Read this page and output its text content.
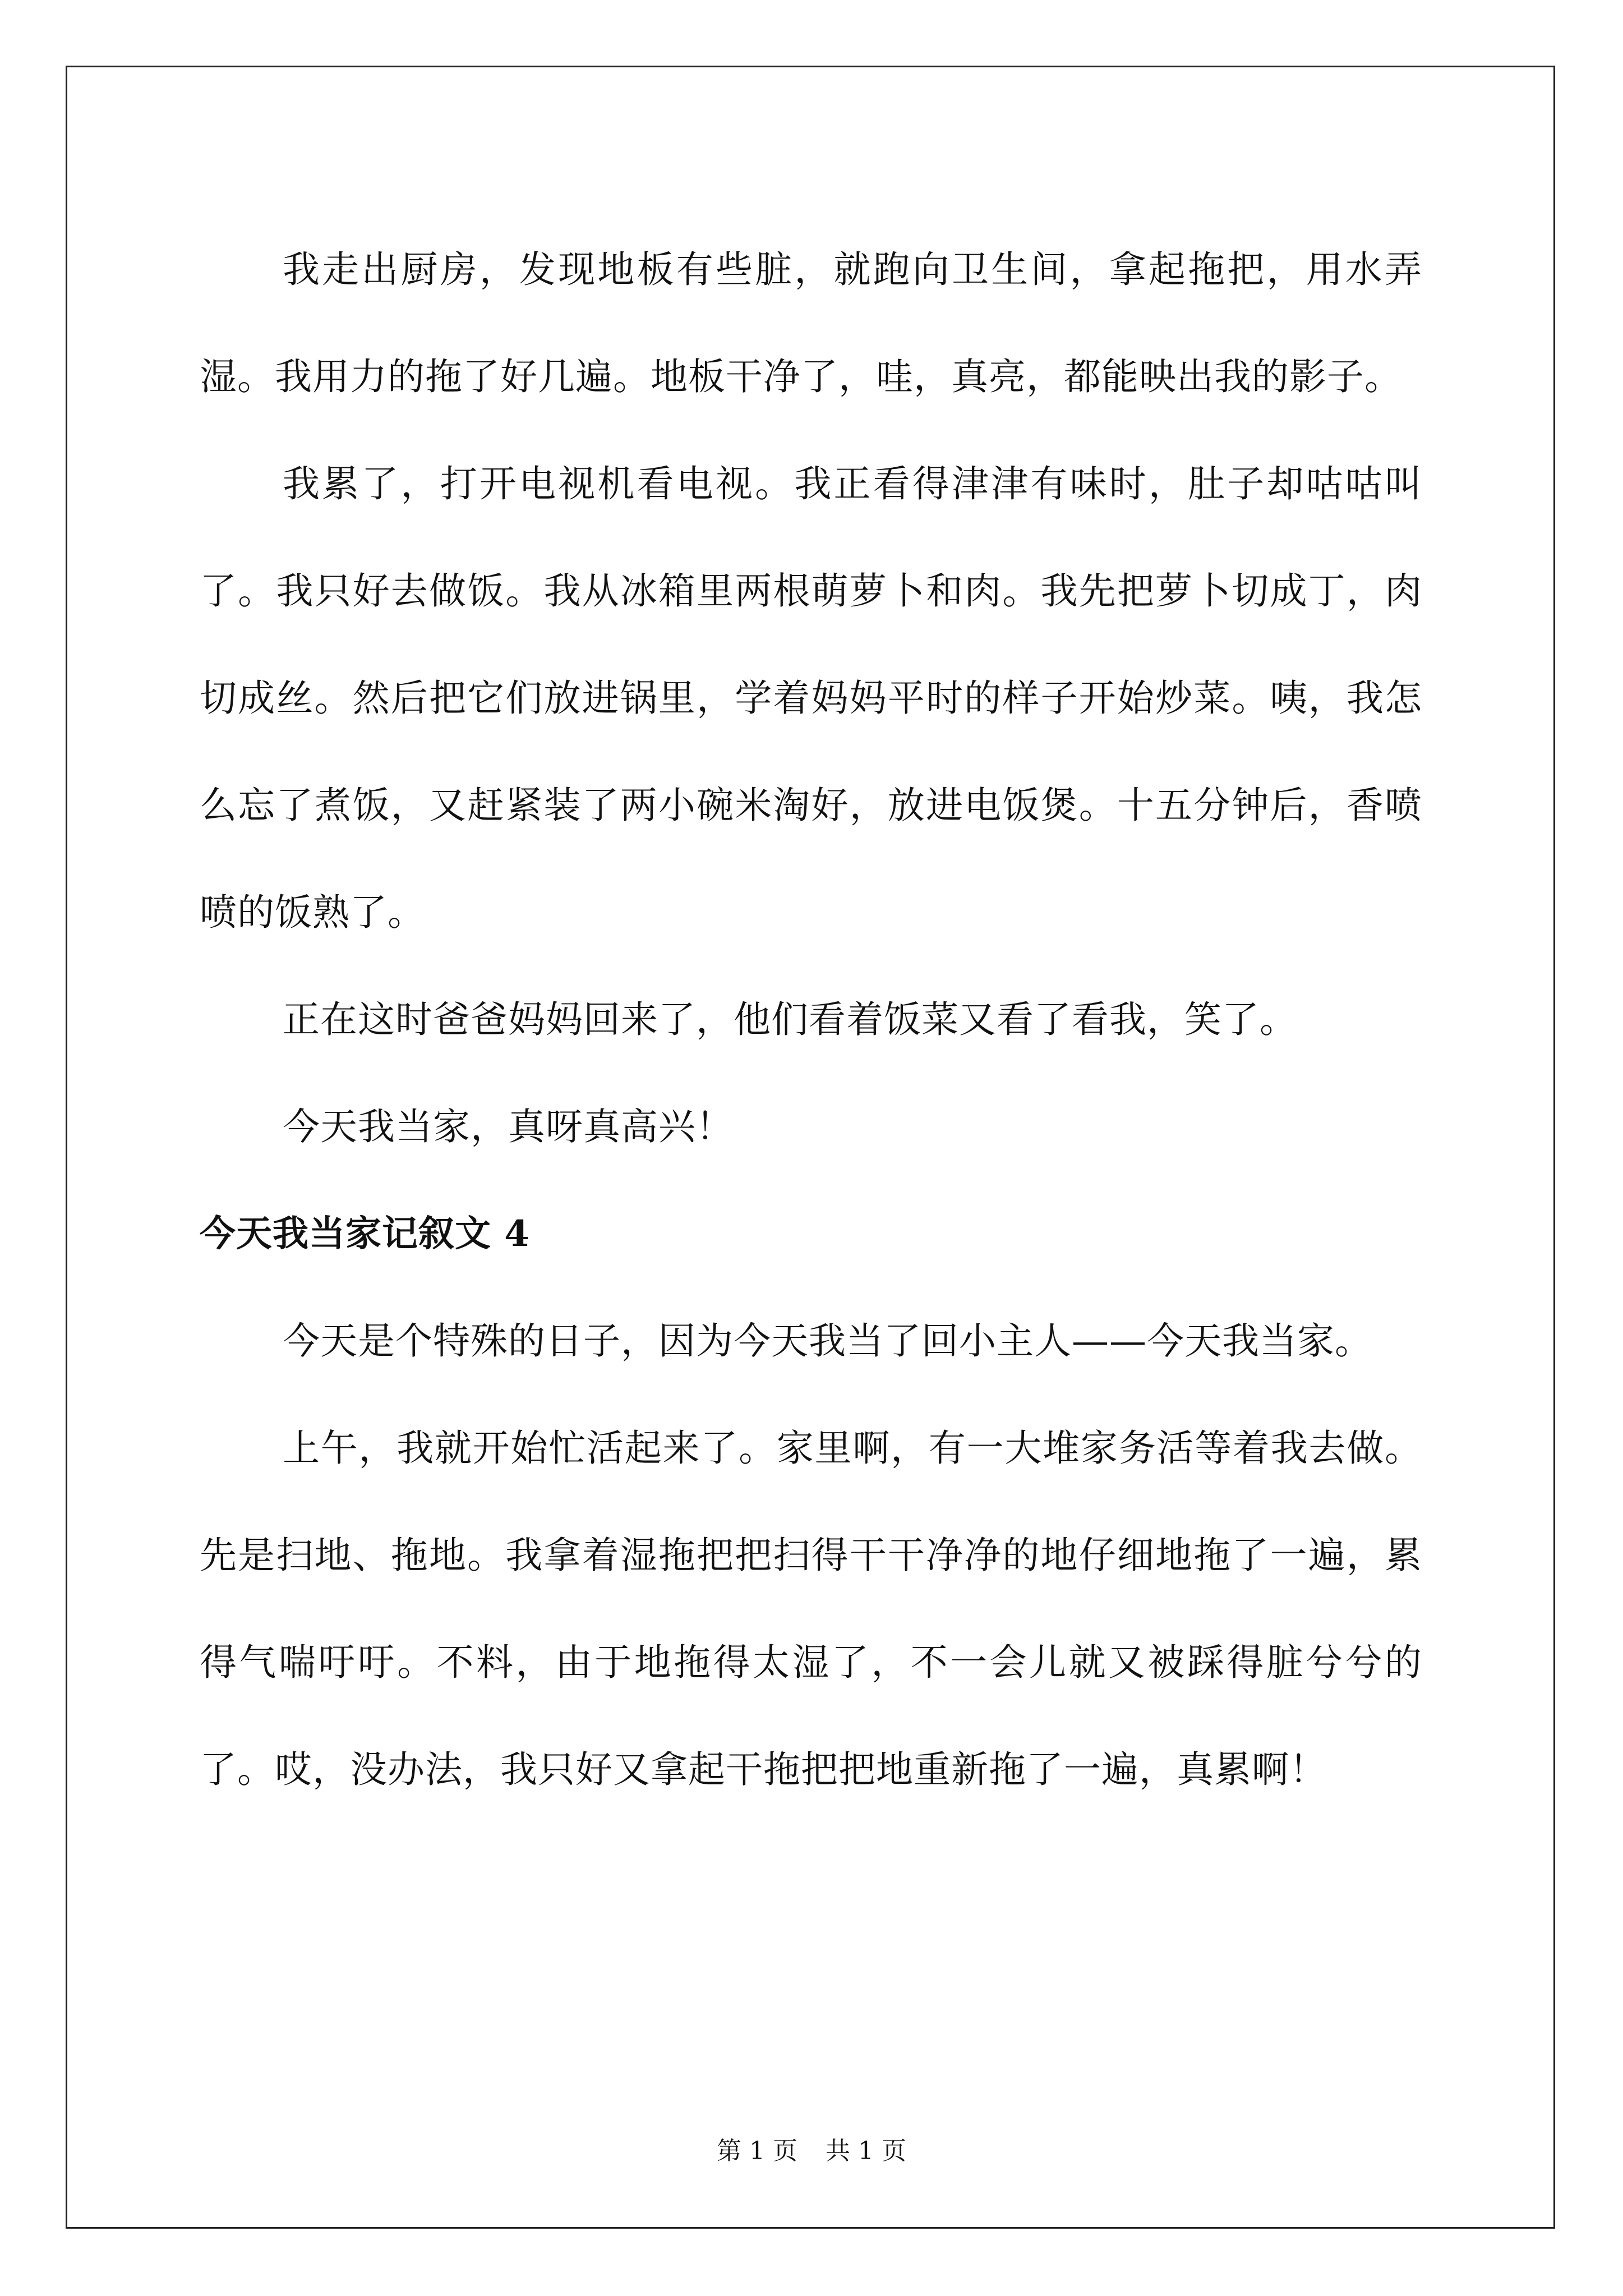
我走出厨房，发现地板有些脏，就跑向卫生间，拿起拖把，用水弄湿。我用力的拖了好几遍。地板干净了，哇，真亮，都能映出我的影子。

我累了，打开电视机看电视。我正看得津津有味时，肚子却咕咕叫了。我只好去做饭。我从冰箱里两根萌萝卜和肉。我先把萝卜切成丁，肉切成丝。然后把它们放进锅里，学着妈妈平时的样子开始炒菜。咦，我怎么忘了煮饭，又赶紧装了两小碗米淘好，放进电饭煲。十五分钟后，香喷喷的饭熟了。

正在这时爸爸妈妈回来了，他们看着饭菜又看了看我，笑了。

今天我当家，真呀真高兴！

今天我当家记叙文 4

今天是个特殊的日子，因为今天我当了回小主人——今天我当家。

上午，我就开始忙活起来了。家里啊，有一大堆家务活等着我去做。先是扫地、拖地。我拿着湿拖把把扫得干干净净的地仔细地拖了一遍，累得气喘吁吁。不料，由于地拖得太湿了，不一会儿就又被踩得脏兮兮的了。哎，没办法，我只好又拿起干拖把把地重新拖了一遍，真累啊！

第 1 页 共 1 页
